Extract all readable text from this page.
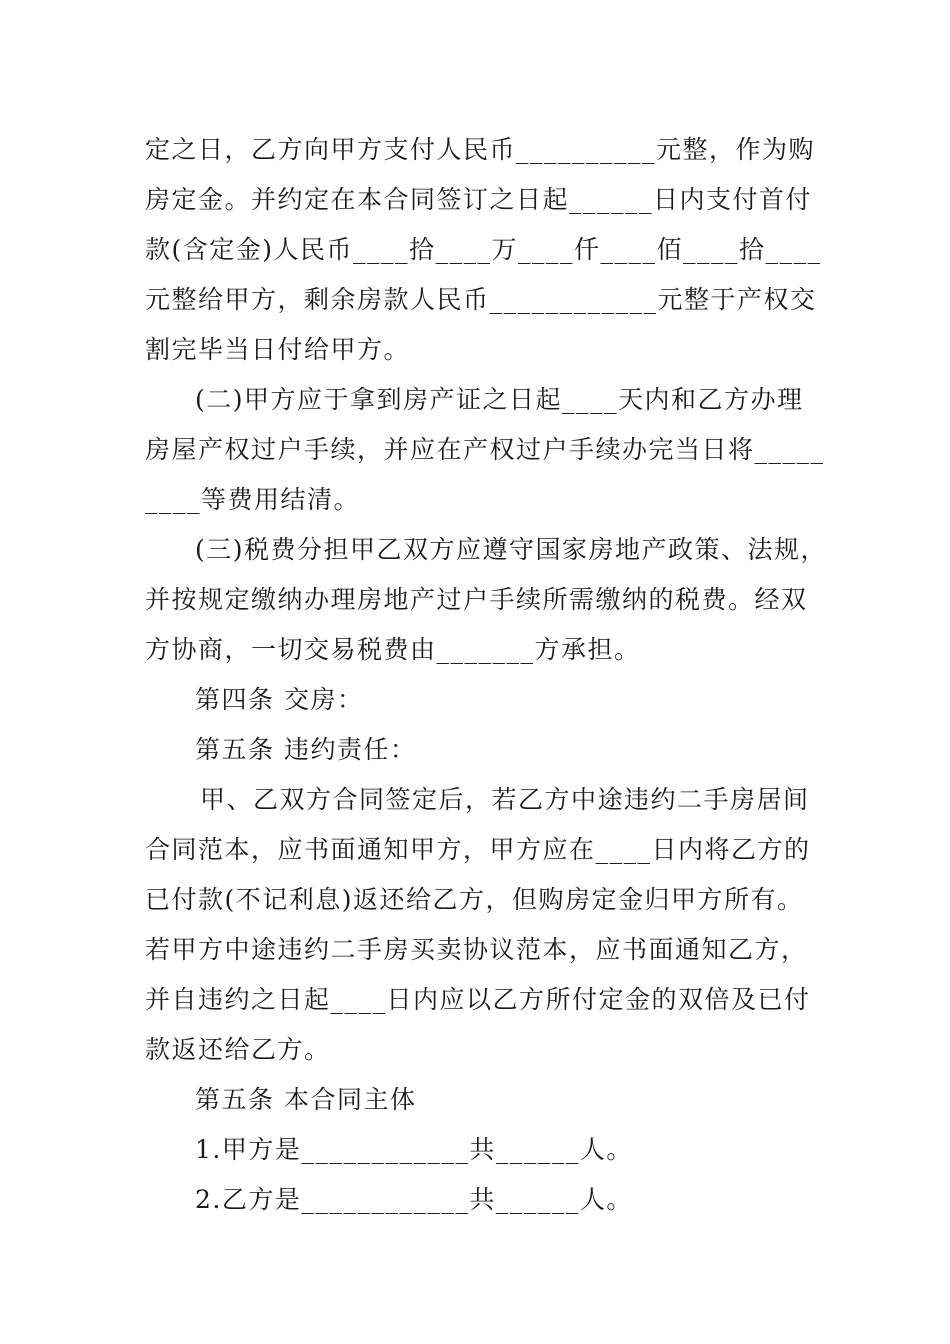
定之日，乙方向甲方支付人民币__________元整，作为购
房定金。并约定在本合同签订之日起______日内支付首付
款(含定金)人民币____拾____万____仟____佰____拾____
元整给甲方，剩余房款人民币____________元整于产权交
割完毕当日付给甲方。
(二)甲方应于拿到房产证之日起____天内和乙方办理
房屋产权过户手续，并应在产权过户手续办完当日将_____
____等费用结清。
(三)税费分担甲乙双方应遵守国家房地产政策、法规，
并按规定缴纳办理房地产过户手续所需缴纳的税费。经双
方协商，一切交易税费由_______方承担。
第四条 交房：
第五条 违约责任：
甲、乙双方合同签定后，若乙方中途违约二手房居间
合同范本，应书面通知甲方，甲方应在____日内将乙方的
已付款(不记利息)返还给乙方，但购房定金归甲方所有。
若甲方中途违约二手房买卖协议范本，应书面通知乙方，
并自违约之日起____日内应以乙方所付定金的双倍及已付
款返还给乙方。
第五条 本合同主体
1.甲方是____________共______人。
2.乙方是____________共______人。
